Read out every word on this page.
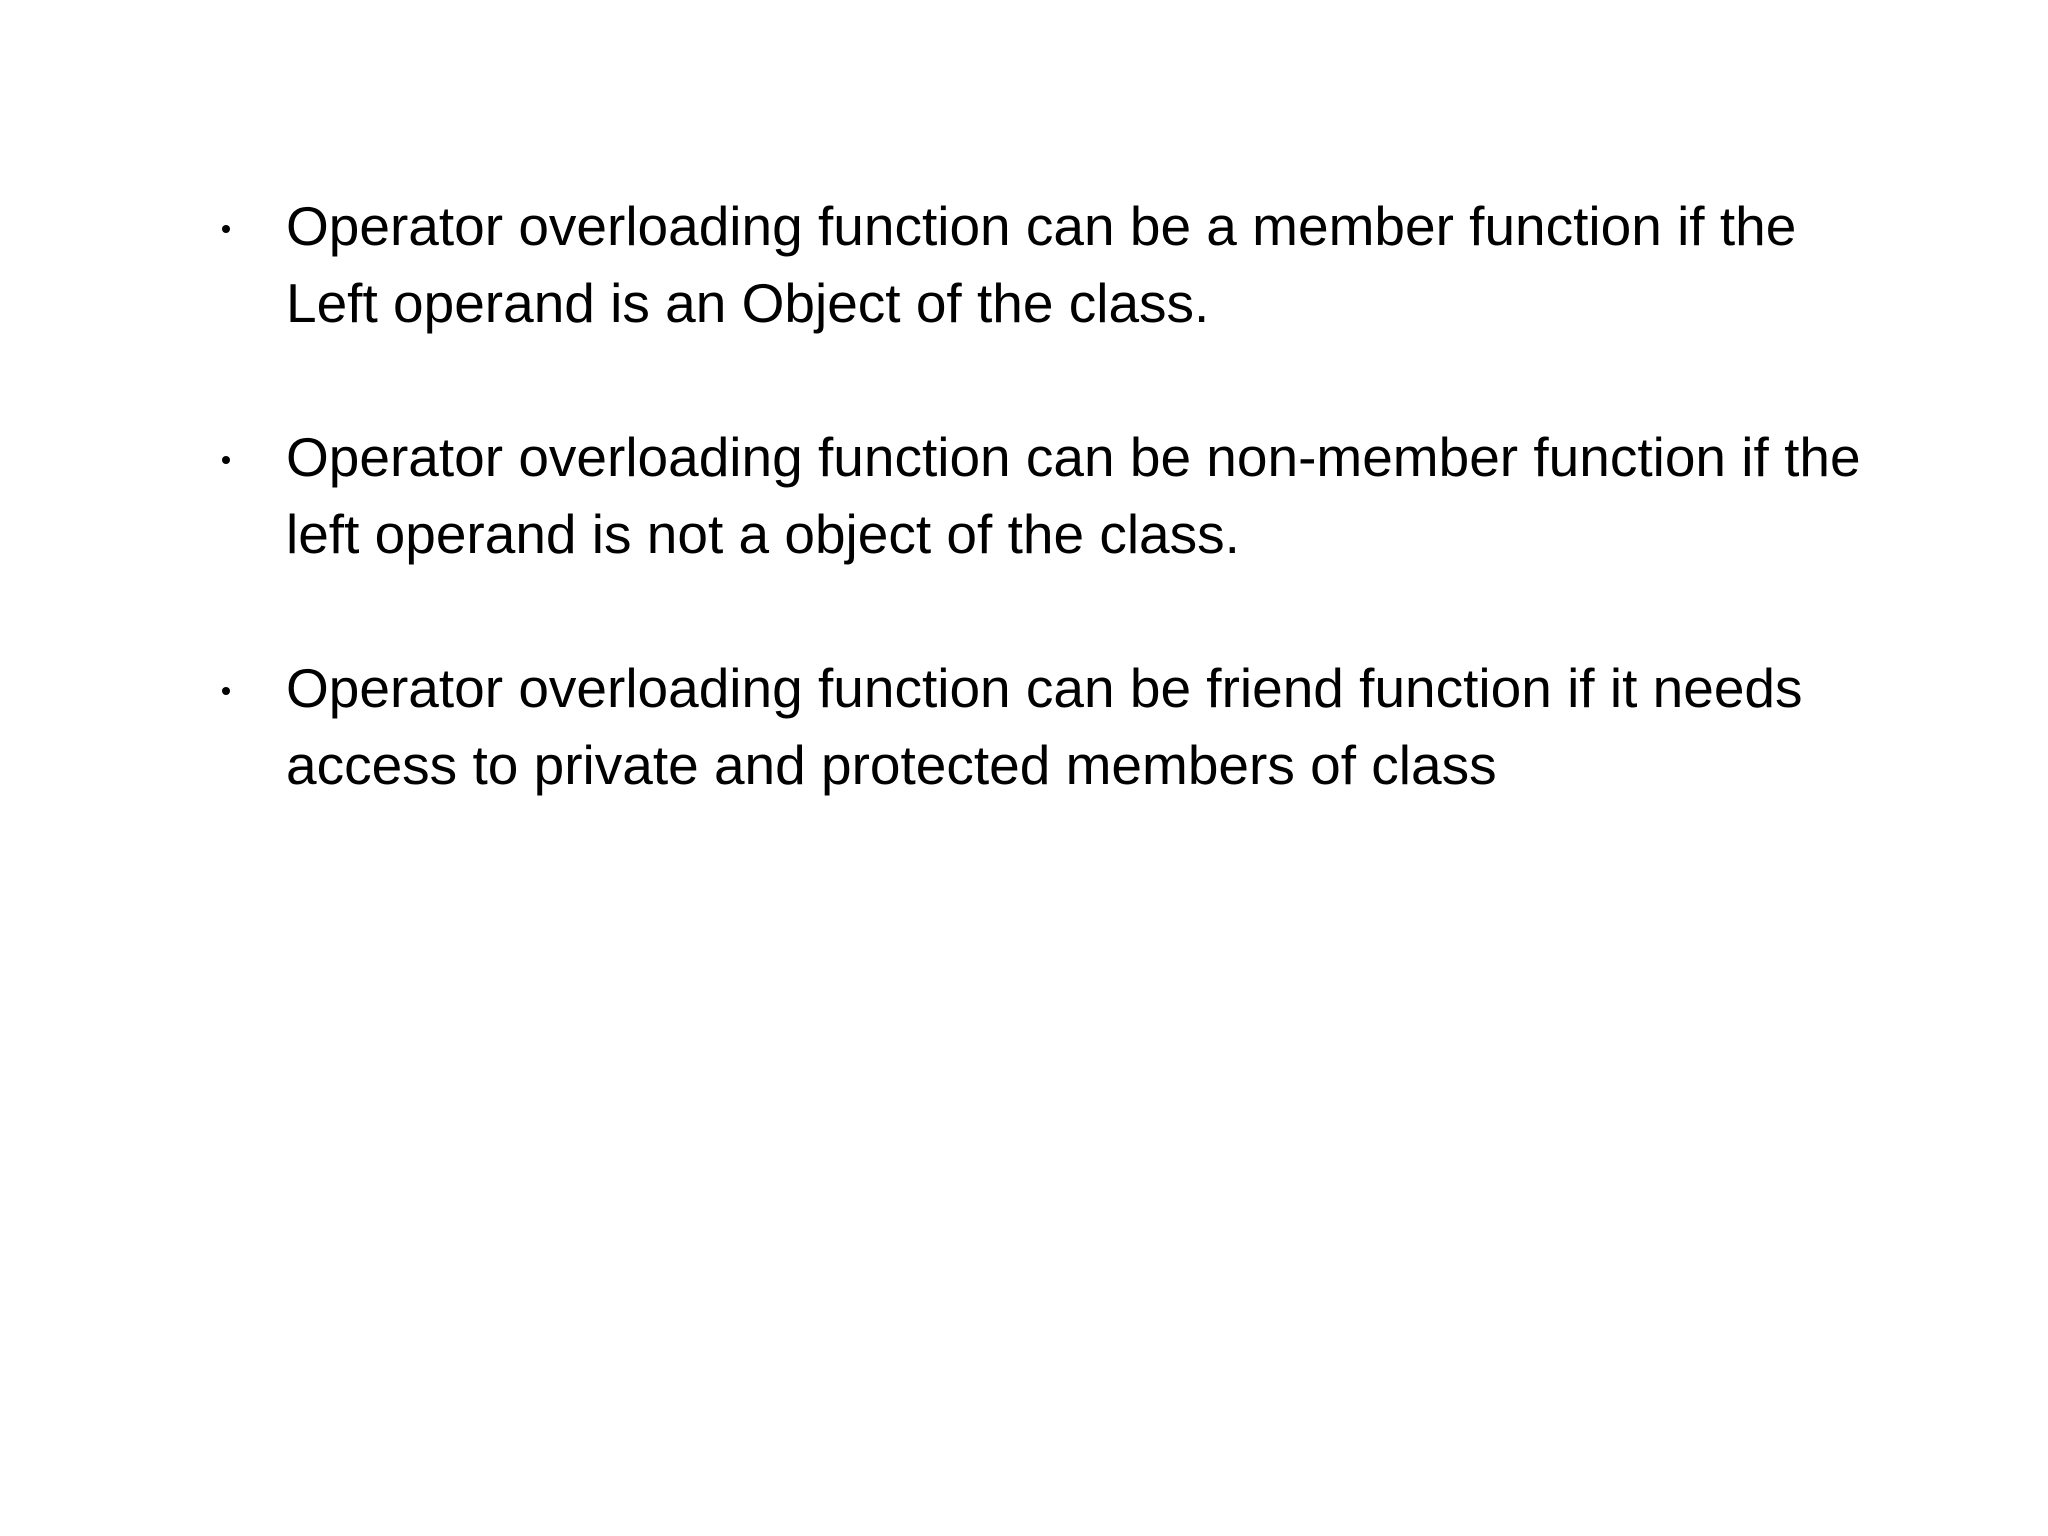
Operator overloading function can be a member function if the Left operand is an Object of the class.
Operator overloading function can be non-member function if the left operand is not a object of the class.
Operator overloading function can be friend function if it needs access to private and protected members of class
